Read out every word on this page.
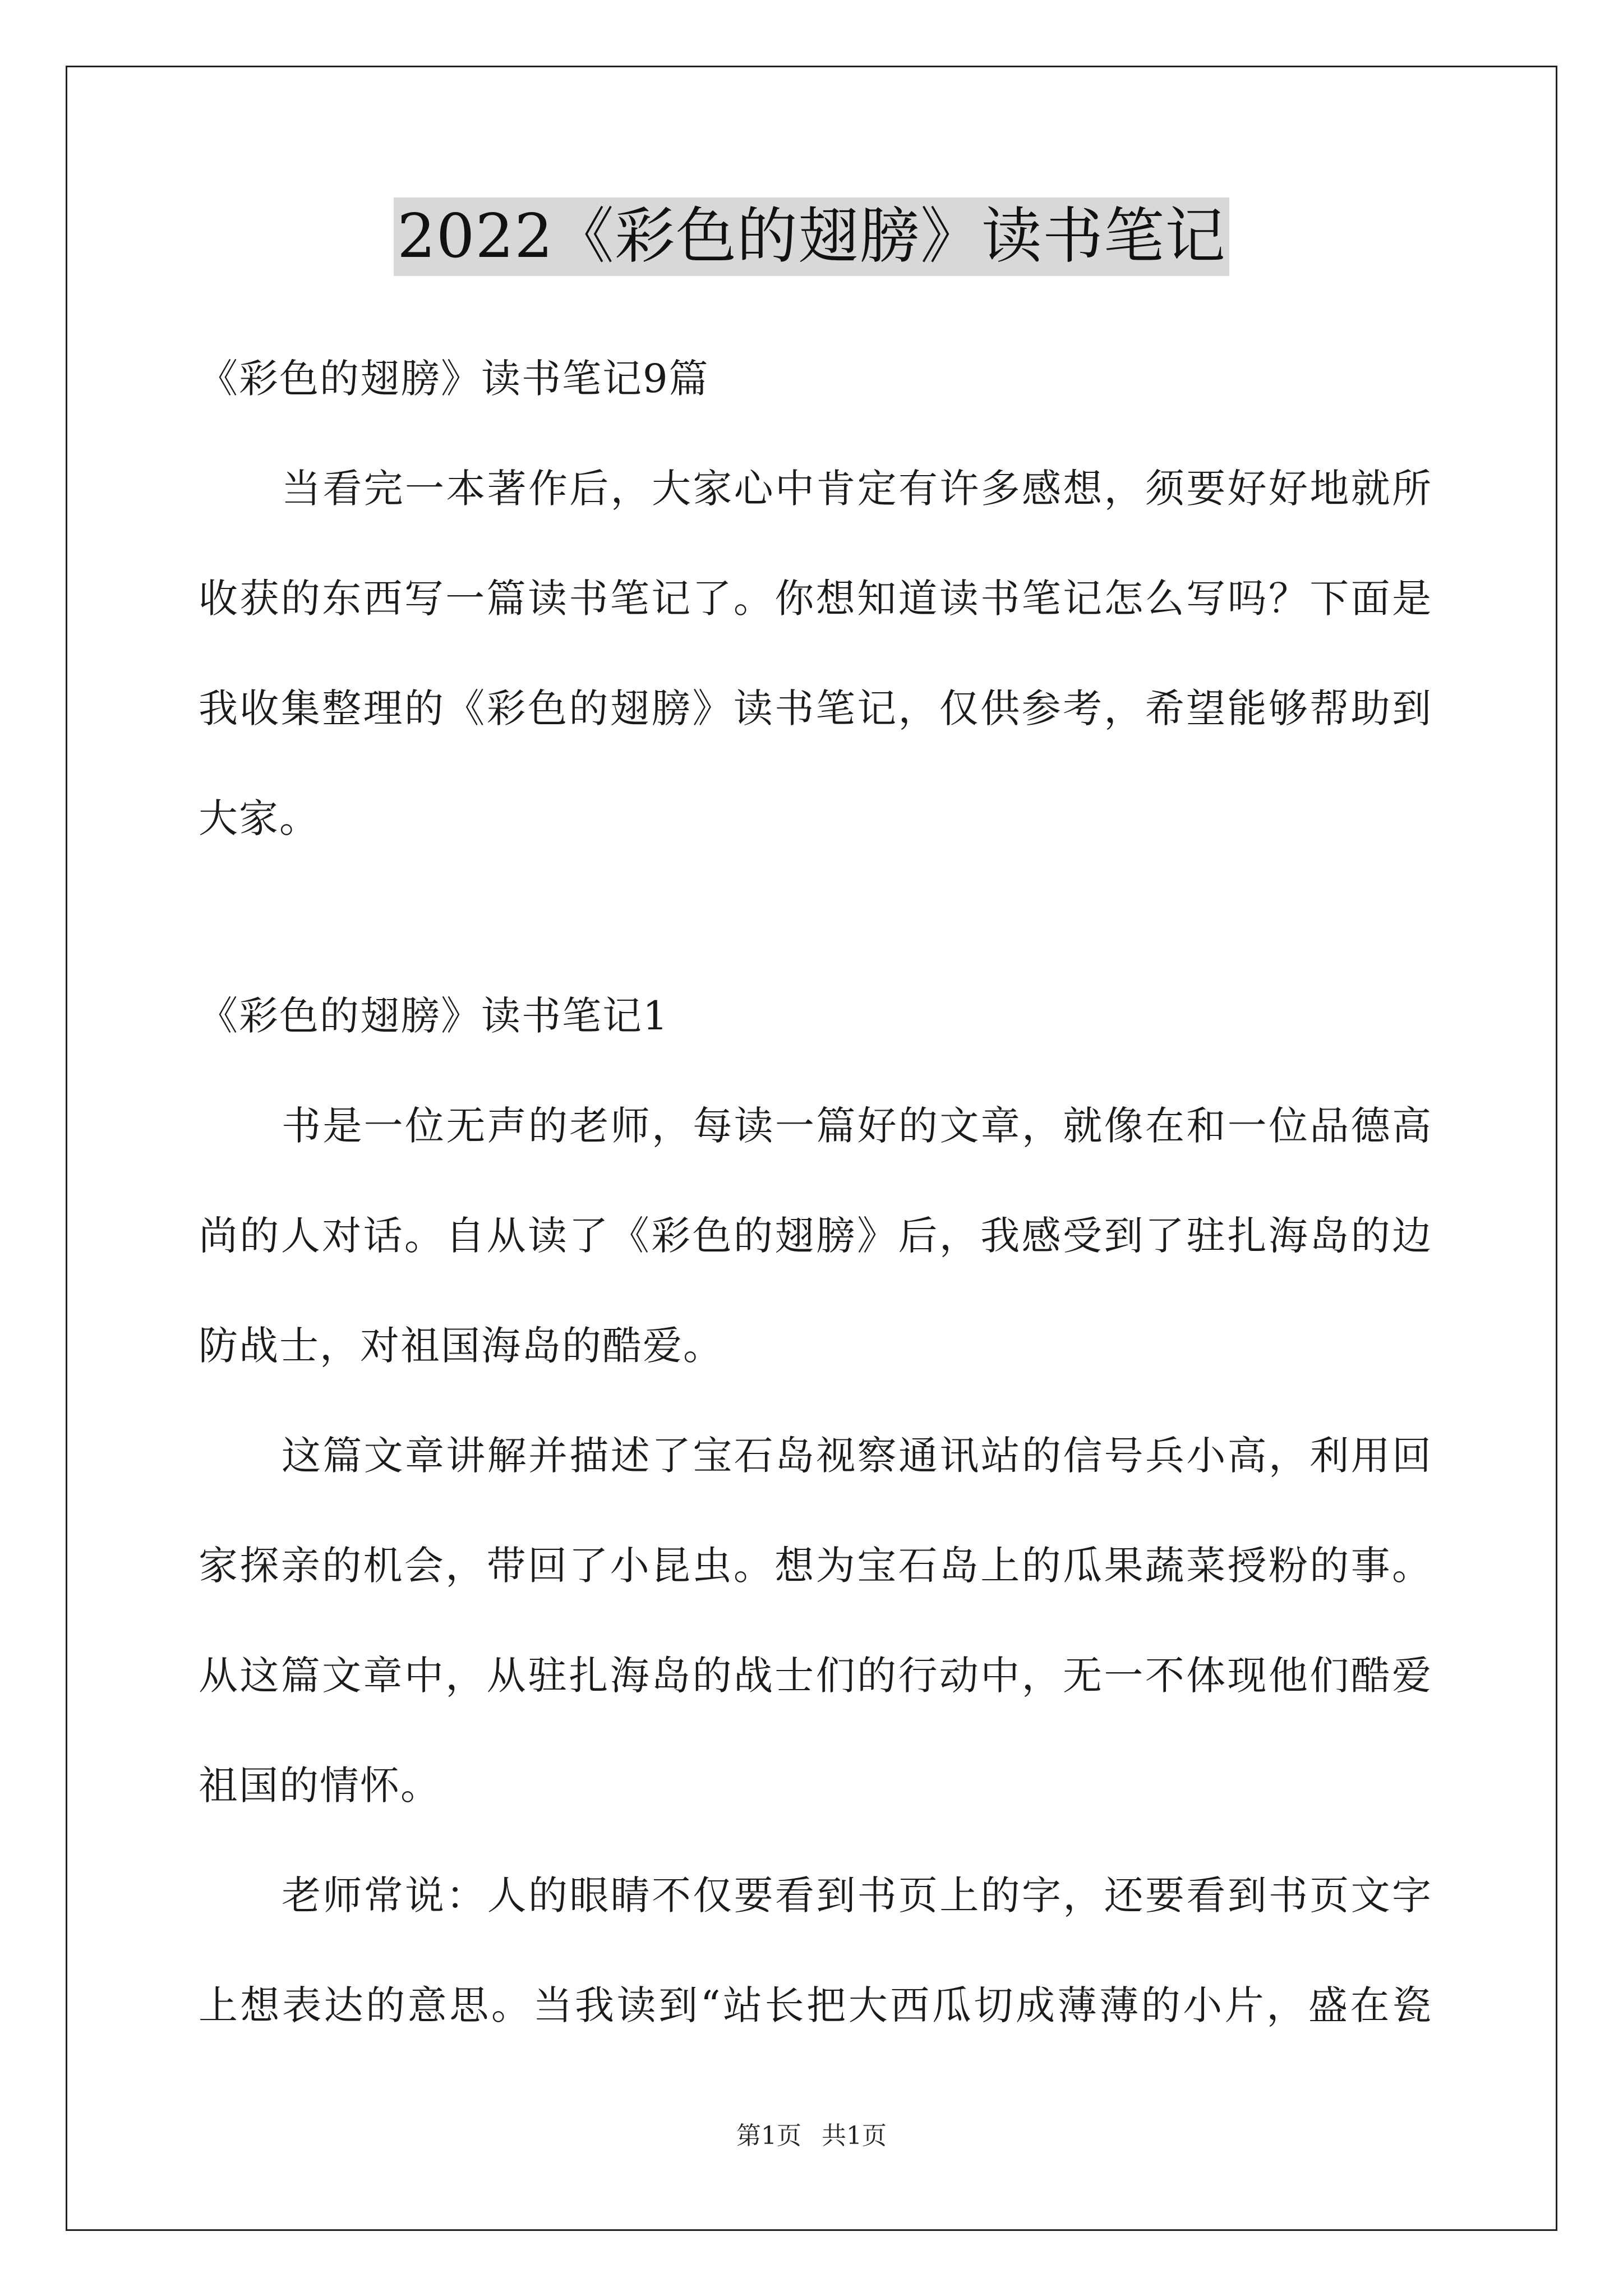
2022《彩色的翅膀》读书笔记
《彩色的翅膀》读书笔记9篇
当看完一本著作后，大家心中肯定有许多感想，须要好好地就所
收获的东西写一篇读书笔记了。你想知道读书笔记怎么写吗？下面是
我收集整理的《彩色的翅膀》读书笔记，仅供参考，希望能够帮助到
大家。
《彩色的翅膀》读书笔记1
书是一位无声的老师，每读一篇好的文章，就像在和一位品德高
尚的人对话。自从读了《彩色的翅膀》后，我感受到了驻扎海岛的边
防战士，对祖国海岛的酷爱。
这篇文章讲解并描述了宝石岛视察通讯站的信号兵小高，利用回
家探亲的机会，带回了小昆虫。想为宝石岛上的瓜果蔬菜授粉的事。
从这篇文章中，从驻扎海岛的战士们的行动中，无一不体现他们酷爱
祖国的情怀。
老师常说：人的眼睛不仅要看到书页上的字，还要看到书页文字
上想表达的意思。当我读到“站长把大西瓜切成薄薄的小片，盛在瓷
第1页 共1页
